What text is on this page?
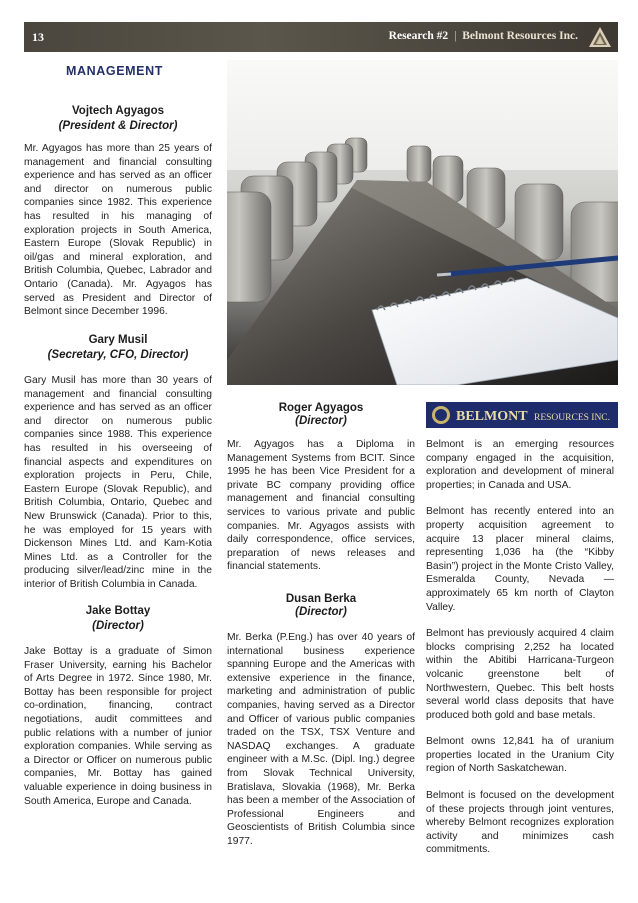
13	Research #2 | Belmont Resources Inc.
MANAGEMENT
Vojtech Agyagos
(President & Director)
Mr. Agyagos has more than 25 years of management and financial consulting experience and has served as an officer and director on numerous public companies since 1982. This experience has resulted in his managing of exploration projects in South America, Eastern Europe (Slovak Republic) in oil/gas and mineral exploration, and British Columbia, Quebec, Labrador and Ontario (Canada). Mr. Agyagos has served as President and Director of Belmont since December 1996.
Gary Musil
(Secretary, CFO, Director)
Gary Musil has more than 30 years of management and financial consulting experience and has served as an officer and director on numerous public companies since 1988. This experience has resulted in his overseeing of financial aspects and expenditures on exploration projects in Peru, Chile, Eastern Europe (Slovak Republic), and British Columbia, Ontario, Quebec and New Brunswick (Canada). Prior to this, he was employed for 15 years with Dickenson Mines Ltd. and Kam-Kotia Mines Ltd. as a Controller for the producing silver/lead/zinc mine in the interior of British Columbia in Canada.
Jake Bottay
(Director)
Jake Bottay is a graduate of Simon Fraser University, earning his Bachelor of Arts Degree in 1972. Since 1980, Mr. Bottay has been responsible for project co-ordination, financing, contract negotiations, audit committees and public relations with a number of junior exploration companies. While serving as a Director or Officer on numerous public companies, Mr. Bottay has gained valuable experience in doing business in South America, Europe and Canada.
Roger Agyagos
(Director)
Mr. Agyagos has a Diploma in Management Systems from BCIT. Since 1995 he has been Vice President for a private BC company providing office management and financial consulting services to various private and public companies. Mr. Agyagos assists with daily correspondence, office services, preparation of news releases and financial statements.
Dusan Berka
(Director)
Mr. Berka (P.Eng.) has over 40 years of international business experience spanning Europe and the Americas with extensive experience in the finance, marketing and administration of public companies, having served as a Director and Officer of various public companies traded on the TSX, TSX Venture and NASDAQ exchanges. A graduate engineer with a M.Sc. (Dipl. Ing.) degree from Slovak Technical University, Bratislava, Slovakia (1968), Mr. Berka has been a member of the Association of Professional Engineers and Geoscientists of British Columbia since 1977.
BELMONT RESOURCES INC.

Belmont is an emerging resources company engaged in the acquisition, exploration and development of mineral properties; in Canada and USA.

Belmont has recently entered into an property acquisition agreement to acquire 13 placer mineral claims, representing 1,036 ha (the “Kibby Basin”) project in the Monte Cristo Valley, Esmeralda County, Nevada — approximately 65 km north of Clayton Valley.

Belmont has previously acquired 4 claim blocks comprising 2,252 ha located within the Abitibi Harricana-Turgeon volcanic greenstone belt of Northwestern, Quebec. This belt hosts several world class deposits that have produced both gold and base metals.

Belmont owns 12,841 ha of uranium properties located in the Uranium City region of North Saskatchewan.

Belmont is focused on the development of these projects through joint ventures, whereby Belmont recognizes exploration activity and minimizes cash commitments.
